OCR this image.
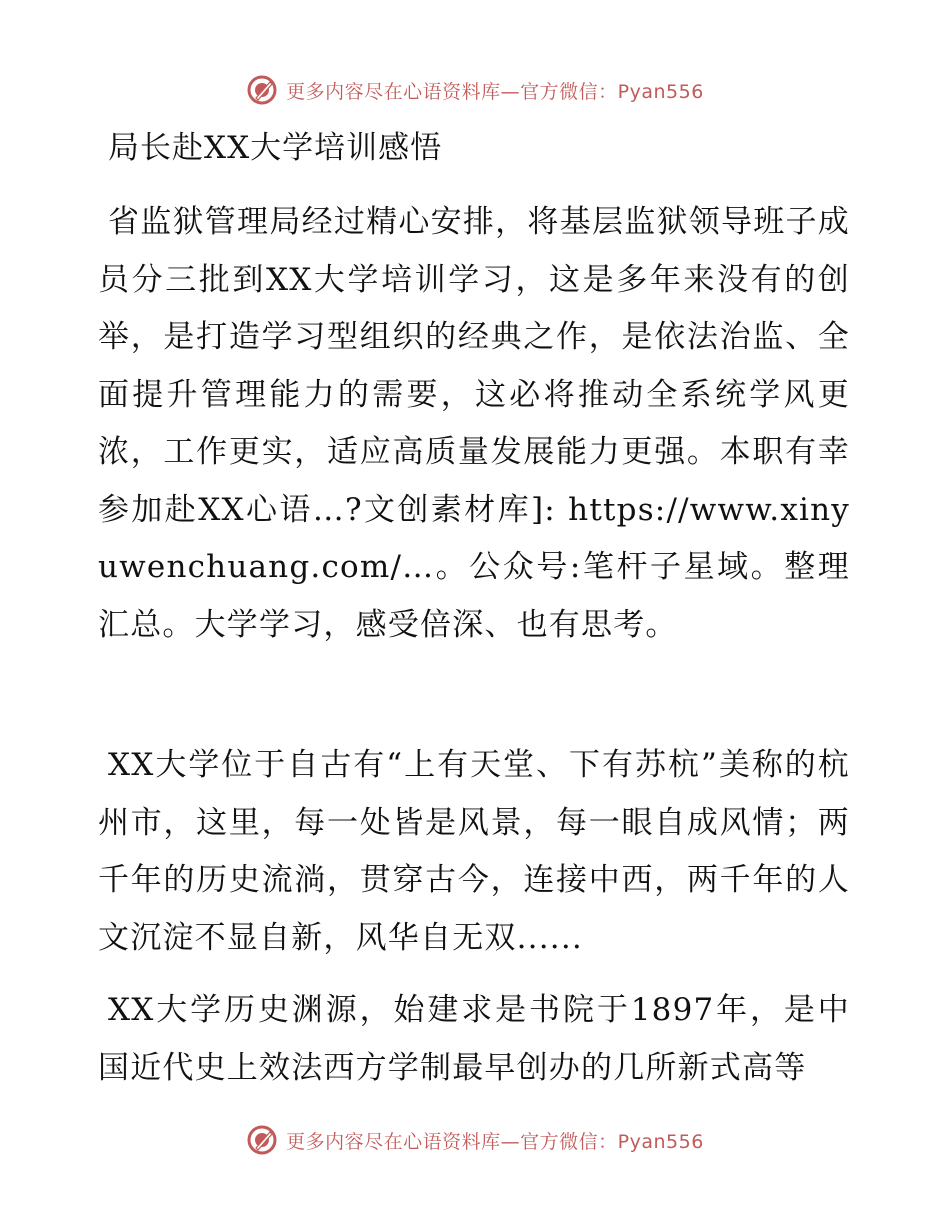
更多内容尽在心语资料库—官方微信：Pyan556
局长赴XX大学培训感悟

省监狱管理局经过精心安排，将基层监狱领导班子成员分三批到XX大学培训学习，这是多年来没有的创举，是打造学习型组织的经典之作，是依法治监、全面提升管理能力的需要，这必将推动全系统学风更浓，工作更实，适应高质量发展能力更强。本职有幸参加赴XX心语…?文创素材库]: https://www.xinyuwenchuang.com/…。公众号:笔杆子星域。整理汇总。大学学习，感受倍深、也有思考。

XX大学位于自古有“上有天堂、下有苏杭”美称的杭州市，这里，每一处皆是风景，每一眼自成风情；两千年的历史流淌，贯穿古今，连接中西，两千年的人文沉淀不显自新，风华自无双......

XX大学历史渊源，始建求是书院于1897年，是中国近代史上效法西方学制最早创办的几所新式高等

更多内容尽在心语资料库—官方微信：Pyan556
